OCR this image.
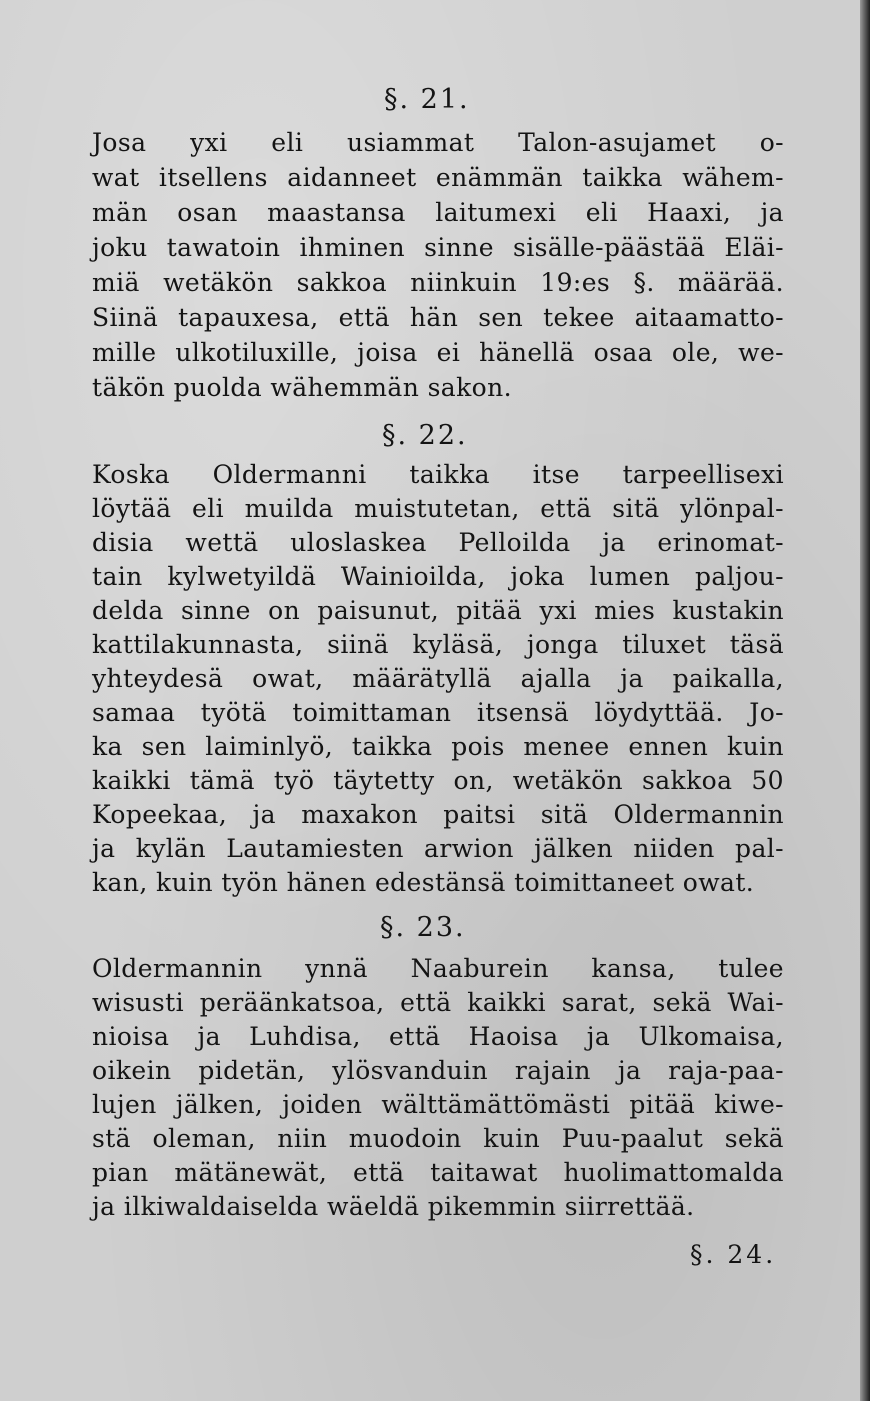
§. 21.
Josa yxi eli usiammat Talon-asujamet o-
wat itsellens aidanneet enämmän taikka wähem-
män osan maastansa laitumexi eli Haaxi, ja
joku tawatoin ihminen sinne sisälle-päästää Eläi-
miä wetäkön sakkoa niinkuin 19:es §. määrää.
Siinä tapauxesa, että hän sen tekee aitaamatto-
mille ulkotiluxille, joisa ei hänellä osaa ole, we-
täkön puolda wähemmän sakon.
§. 22.
Koska Oldermanni taikka itse tarpeellisexi
löytää eli muilda muistutetan, että sitä ylönpal-
disia wettä uloslaskea Pelloilda ja erinomat-
tain kylwetyildä Wainioilda, joka lumen paljou-
delda sinne on paisunut, pitää yxi mies kustakin
kattilakunnasta, siinä kyläsä, jonga tiluxet täsä
yhteydesä owat, määrätyllä ajalla ja paikalla,
samaa työtä toimittaman itsensä löydyttää. Jo-
ka sen laiminlyö, taikka pois menee ennen kuin
kaikki tämä työ täytetty on, wetäkön sakkoa 50
Kopeekaa, ja maxakon paitsi sitä Oldermannin
ja kylän Lautamiesten arwion jälken niiden pal-
kan, kuin työn hänen edestänsä toimittaneet owat.
§. 23.
Oldermannin ynnä Naaburein kansa, tulee
wisusti peräänkatsoa, että kaikki sarat, sekä Wai-
nioisa ja Luhdisa, että Haoisa ja Ulkomaisa,
oikein pidetän, ylösvanduin rajain ja raja-paa-
lujen jälken, joiden wälttämättömästi pitää kiwe-
stä oleman, niin muodoin kuin Puu-paalut sekä
pian mätänewät, että taitawat huolimattomalda
ja ilkiwaldaiselda wäeldä pikemmin siirrettää.
§. 24.
